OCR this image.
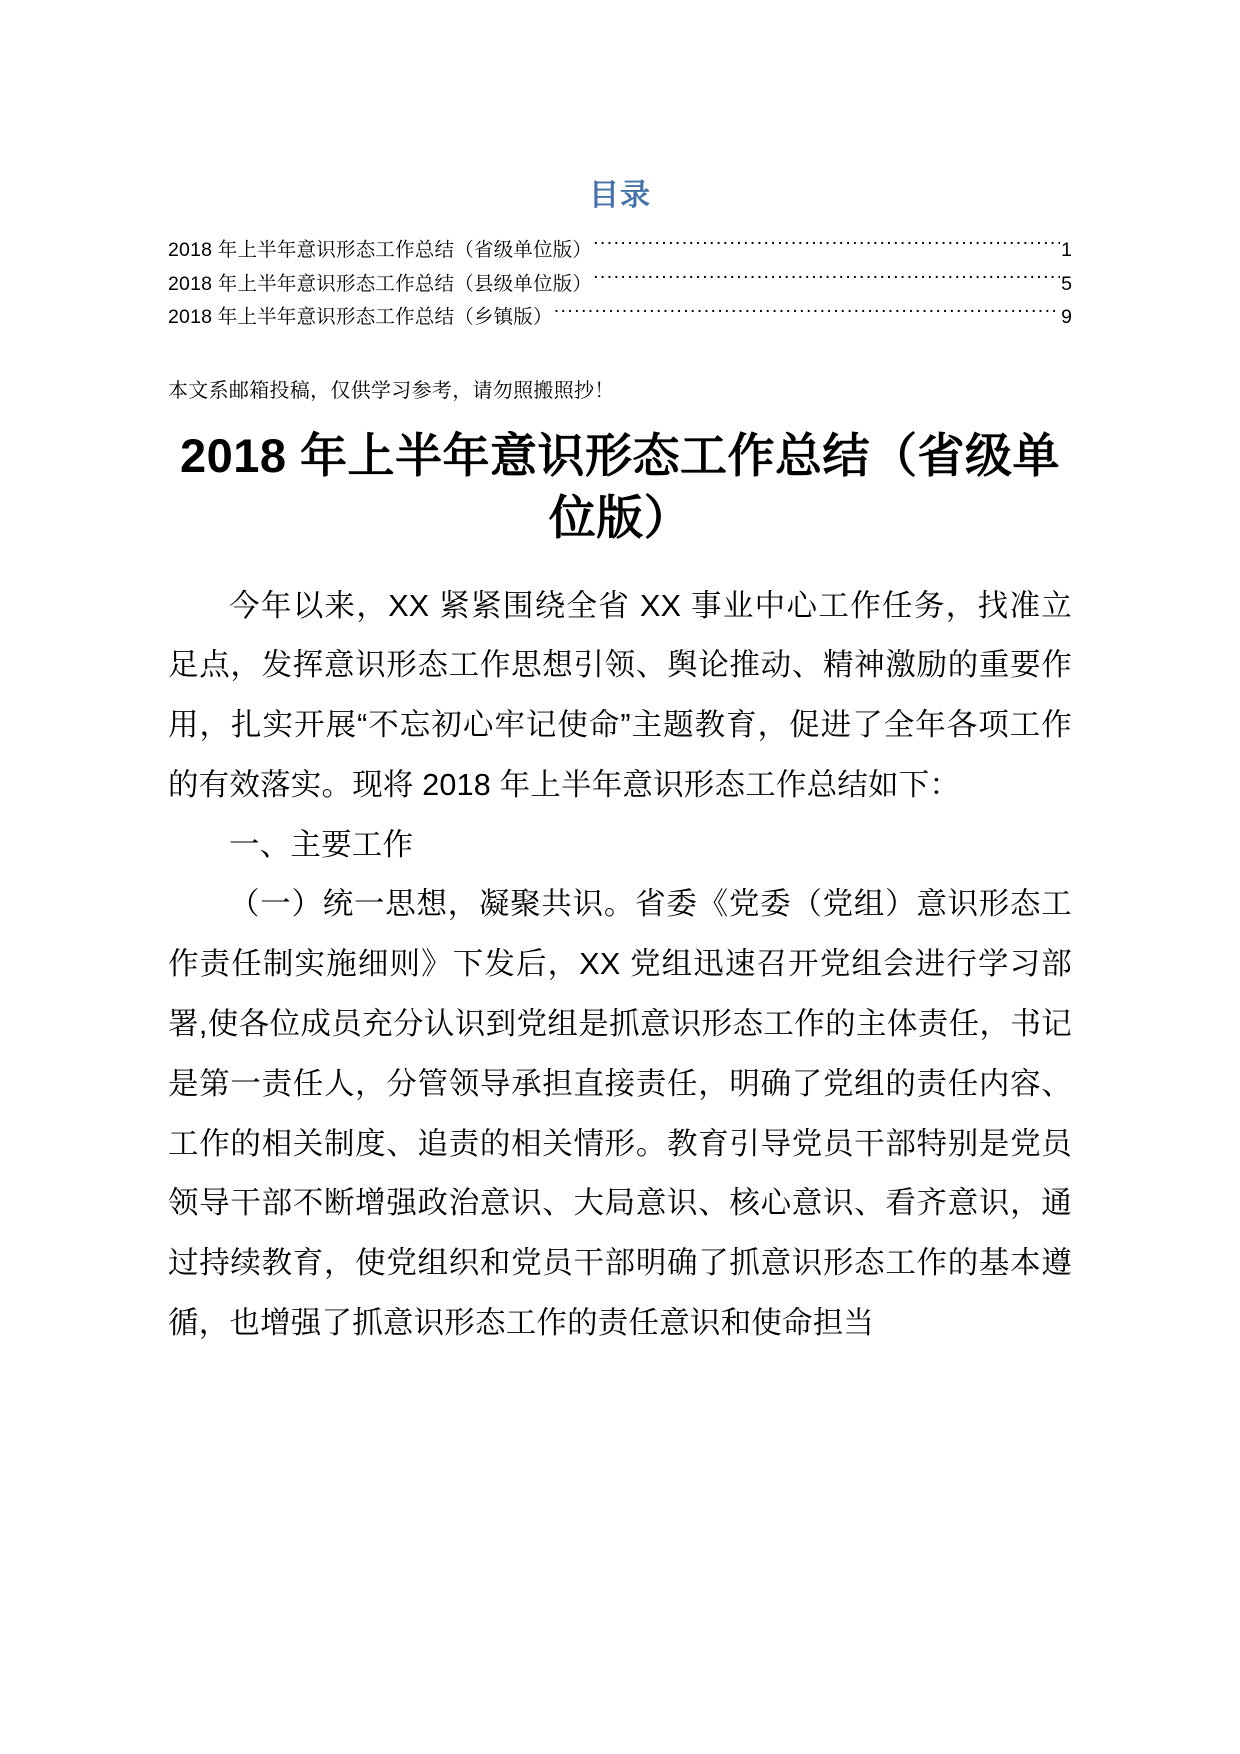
目录
2018 年上半年意识形态工作总结（省级单位版） .....	1
2018 年上半年意识形态工作总结（县级单位版） .....	5
2018 年上半年意识形态工作总结（乡镇版） .....	9
本文系邮箱投稿，仅供学习参考，请勿照搬照抄！
2018 年上半年意识形态工作总结（省级单位版）

今年以来，XX 紧紧围绕全省 XX 事业中心工作任务，找准立足点，发挥意识形态工作思想引领、舆论推动、精神激励的重要作用，扎实开展“不忘初心牢记使命”主题教育，促进了全年各项工作的有效落实。现将 2018 年上半年意识形态工作总结如下：

一、主要工作

（一）统一思想，凝聚共识。省委《党委（党组）意识形态工作责任制实施细则》下发后，XX 党组迅速召开党组会进行学习部署,使各位成员充分认识到党组是抓意识形态工作的主体责任，书记是第一责任人，分管领导承担直接责任，明确了党组的责任内容、工作的相关制度、追责的相关情形。教育引导党员干部特别是党员领导干部不断增强政治意识、大局意识、核心意识、看齐意识，通过持续教育，使党组织和党员干部明确了抓意识形态工作的基本遵循，也增强了抓意识形态工作的责任意识和使命担当
